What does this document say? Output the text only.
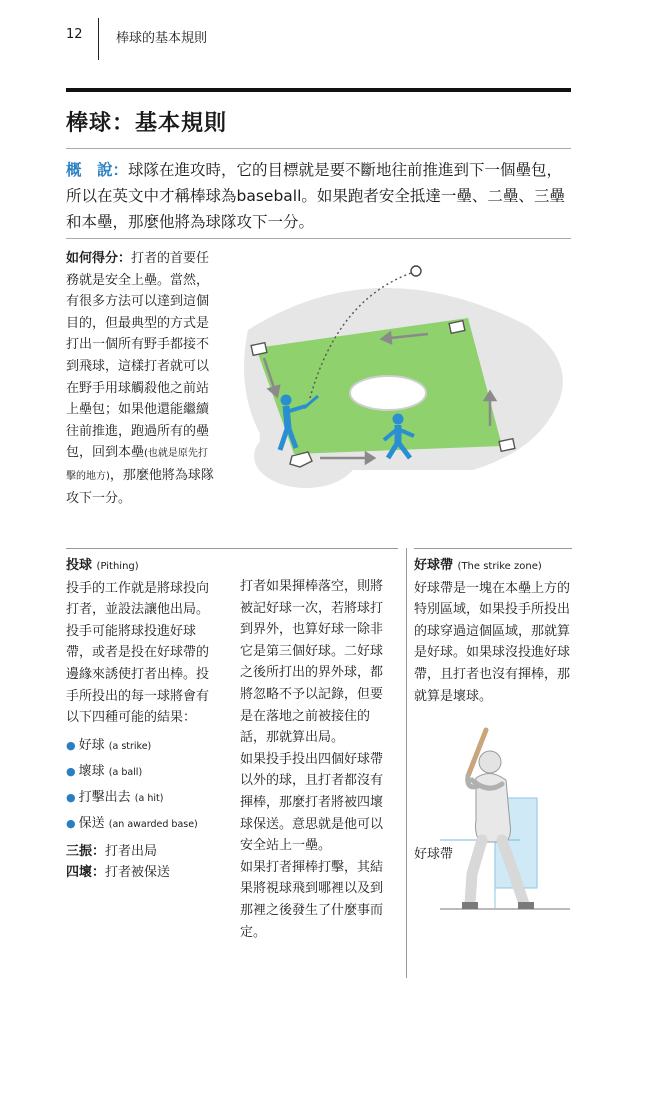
12	棒球的基本規則
棒球：基本規則
概　說：球隊在進攻時，它的目標就是要不斷地往前推進到下一個壘包，所以在英文中才稱棒球為baseball。如果跑者安全抵達一壘、二壘、三壘和本壘，那麼他將為球隊攻下一分。
如何得分：打者的首要任務就是安全上壘。當然，有很多方法可以達到這個目的，但最典型的方式是打出一個所有野手都接不到飛球，這樣打者就可以在野手用球觸殺他之前站上壘包；如果他還能繼續往前推進，跑過所有的壘包，回到本壘(也就是原先打擊的地方)，那麼他將為球隊攻下一分。
投球 (Pithing)
投手的工作就是將球投向打者，並設法讓他出局。投手可能將球投進好球帶，或者是投在好球帶的邊緣來誘使打者出棒。投手所投出的每一球將會有以下四種可能的結果：
● 好球 (a strike)
● 壞球 (a ball)
● 打擊出去 (a hit)
● 保送 (an awarded base)
三振：打者出局
四壞：打者被保送
打者如果揮棒落空，則將被記好球一次，若將球打到界外，也算好球一除非它是第三個好球。二好球之後所打出的界外球，都將忽略不予以記錄，但要是在落地之前被接住的話，那就算出局。
如果投手投出四個好球帶以外的球，且打者都沒有揮棒，那麼打者將被四壞球保送。意思就是他可以安全站上一壘。
如果打者揮棒打擊，其結果將視球飛到哪裡以及到那裡之後發生了什麼事而定。
好球帶 (The strike zone)
好球帶是一塊在本壘上方的特別區域，如果投手所投出的球穿過這個區域，那就算是好球。如果球沒投進好球帶，且打者也沒有揮棒，那就算是壞球。
好球帶
